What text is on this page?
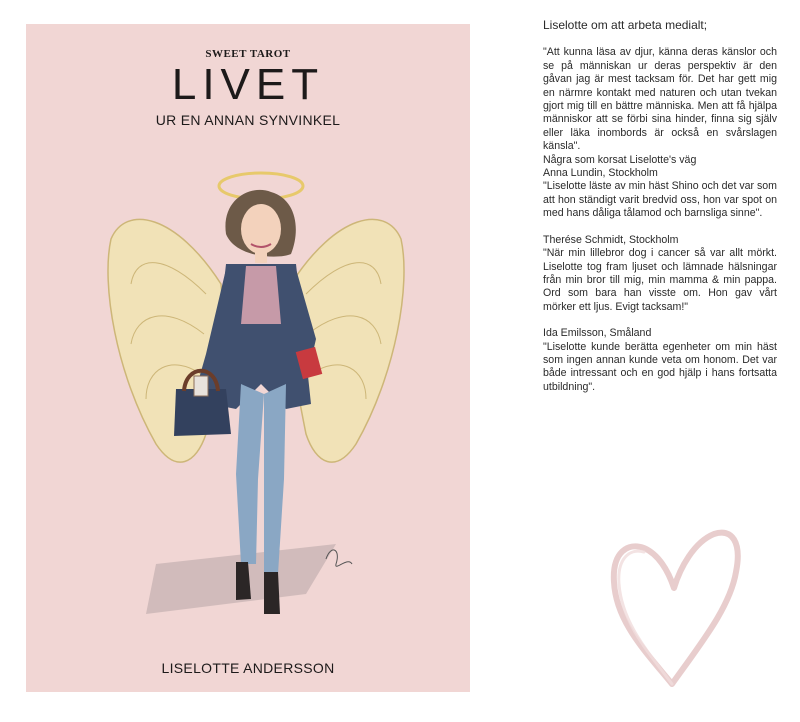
SWEET TAROT
LIVET
UR EN ANNAN SYNVINKEL
LISELOTTE ANDERSSON

Liselotte om att arbeta medialt;

"Att kunna läsa av djur, känna deras känslor och se på människan ur deras perspektiv är den gåvan jag är mest tacksam för. Det har gett mig en närmre kontakt med naturen och utan tvekan gjort mig till en bättre människa. Men att få hjälpa människor att se förbi sina hinder, finna sig själv eller läka inombords är också en svårslagen känsla".

Några som korsat Liselotte's väg

Anna Lundin, Stockholm

"Liselotte läste av min häst Shino och det var som att hon ständigt varit bredvid oss, hon var spot on med hans dåliga tålamod och barnsliga sinne".

Therése Schmidt, Stockholm

"När min lillebror dog i cancer så var allt mörkt. Liselotte tog fram ljuset och lämnade hälsningar från min bror till mig, min mamma & min pappa. Ord som bara han visste om. Hon gav vårt mörker ett ljus. Evigt tacksam!"

Ida Emilsson, Småland

"Liselotte kunde berätta egenheter om min häst som ingen annan kunde veta om honom. Det var både intressant och en god hjälp i hans fortsatta utbildning".
